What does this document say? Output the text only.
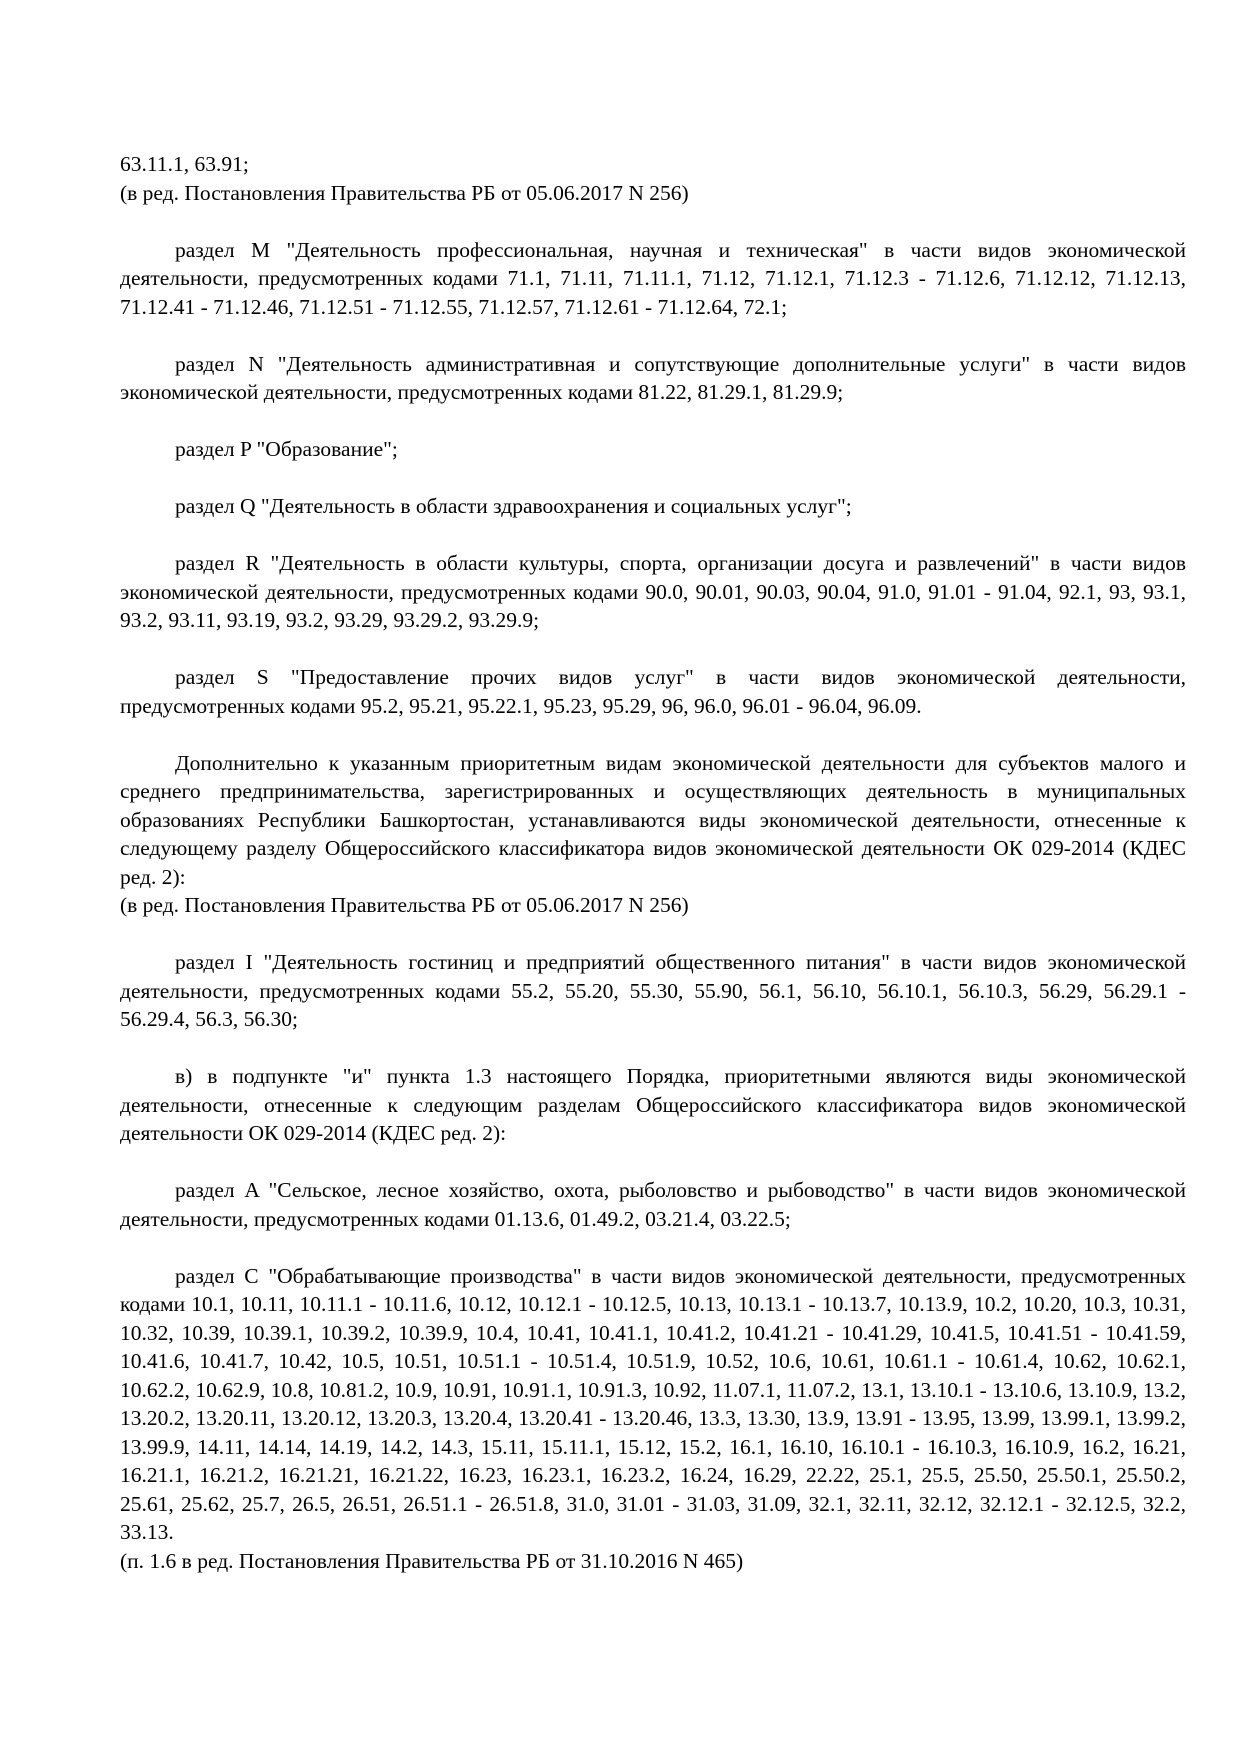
63.11.1, 63.91;

(в ред. Постановления Правительства РБ от 05.06.2017 N 256)

раздел M "Деятельность профессиональная, научная и техническая" в части видов экономической деятельности, предусмотренных кодами 71.1, 71.11, 71.11.1, 71.12, 71.12.1, 71.12.3 - 71.12.6, 71.12.12, 71.12.13, 71.12.41 - 71.12.46, 71.12.51 - 71.12.55, 71.12.57, 71.12.61 - 71.12.64, 72.1;

раздел N "Деятельность административная и сопутствующие дополнительные услуги" в части видов экономической деятельности, предусмотренных кодами 81.22, 81.29.1, 81.29.9;

раздел P "Образование";

раздел Q "Деятельность в области здравоохранения и социальных услуг";

раздел R "Деятельность в области культуры, спорта, организации досуга и развлечений" в части видов экономической деятельности, предусмотренных кодами 90.0, 90.01, 90.03, 90.04, 91.0, 91.01 - 91.04, 92.1, 93, 93.1, 93.2, 93.11, 93.19, 93.2, 93.29, 93.29.2, 93.29.9;

раздел S "Предоставление прочих видов услуг" в части видов экономической деятельности, предусмотренных кодами 95.2, 95.21, 95.22.1, 95.23, 95.29, 96, 96.0, 96.01 - 96.04, 96.09.

Дополнительно к указанным приоритетным видам экономической деятельности для субъектов малого и среднего предпринимательства, зарегистрированных и осуществляющих деятельность в муниципальных образованиях Республики Башкортостан, устанавливаются виды экономической деятельности, отнесенные к следующему разделу Общероссийского классификатора видов экономической деятельности ОК 029-2014 (КДЕС ред. 2):

(в ред. Постановления Правительства РБ от 05.06.2017 N 256)

раздел I "Деятельность гостиниц и предприятий общественного питания" в части видов экономической деятельности, предусмотренных кодами 55.2, 55.20, 55.30, 55.90, 56.1, 56.10, 56.10.1, 56.10.3, 56.29, 56.29.1 - 56.29.4, 56.3, 56.30;

в) в подпункте "и" пункта 1.3 настоящего Порядка, приоритетными являются виды экономической деятельности, отнесенные к следующим разделам Общероссийского классификатора видов экономической деятельности ОК 029-2014 (КДЕС ред. 2):

раздел A "Сельское, лесное хозяйство, охота, рыболовство и рыбоводство" в части видов экономической деятельности, предусмотренных кодами 01.13.6, 01.49.2, 03.21.4, 03.22.5;

раздел C "Обрабатывающие производства" в части видов экономической деятельности, предусмотренных кодами 10.1, 10.11, 10.11.1 - 10.11.6, 10.12, 10.12.1 - 10.12.5, 10.13, 10.13.1 - 10.13.7, 10.13.9, 10.2, 10.20, 10.3, 10.31, 10.32, 10.39, 10.39.1, 10.39.2, 10.39.9, 10.4, 10.41, 10.41.1, 10.41.2, 10.41.21 - 10.41.29, 10.41.5, 10.41.51 - 10.41.59, 10.41.6, 10.41.7, 10.42, 10.5, 10.51, 10.51.1 - 10.51.4, 10.51.9, 10.52, 10.6, 10.61, 10.61.1 - 10.61.4, 10.62, 10.62.1, 10.62.2, 10.62.9, 10.8, 10.81.2, 10.9, 10.91, 10.91.1, 10.91.3, 10.92, 11.07.1, 11.07.2, 13.1, 13.10.1 - 13.10.6, 13.10.9, 13.2, 13.20.2, 13.20.11, 13.20.12, 13.20.3, 13.20.4, 13.20.41 - 13.20.46, 13.3, 13.30, 13.9, 13.91 - 13.95, 13.99, 13.99.1, 13.99.2, 13.99.9, 14.11, 14.14, 14.19, 14.2, 14.3, 15.11, 15.11.1, 15.12, 15.2, 16.1, 16.10, 16.10.1 - 16.10.3, 16.10.9, 16.2, 16.21, 16.21.1, 16.21.2, 16.21.21, 16.21.22, 16.23, 16.23.1, 16.23.2, 16.24, 16.29, 22.22, 25.1, 25.5, 25.50, 25.50.1, 25.50.2, 25.61, 25.62, 25.7, 26.5, 26.51, 26.51.1 - 26.51.8, 31.0, 31.01 - 31.03, 31.09, 32.1, 32.11, 32.12, 32.12.1 - 32.12.5, 32.2, 33.13.

(п. 1.6 в ред. Постановления Правительства РБ от 31.10.2016 N 465)
